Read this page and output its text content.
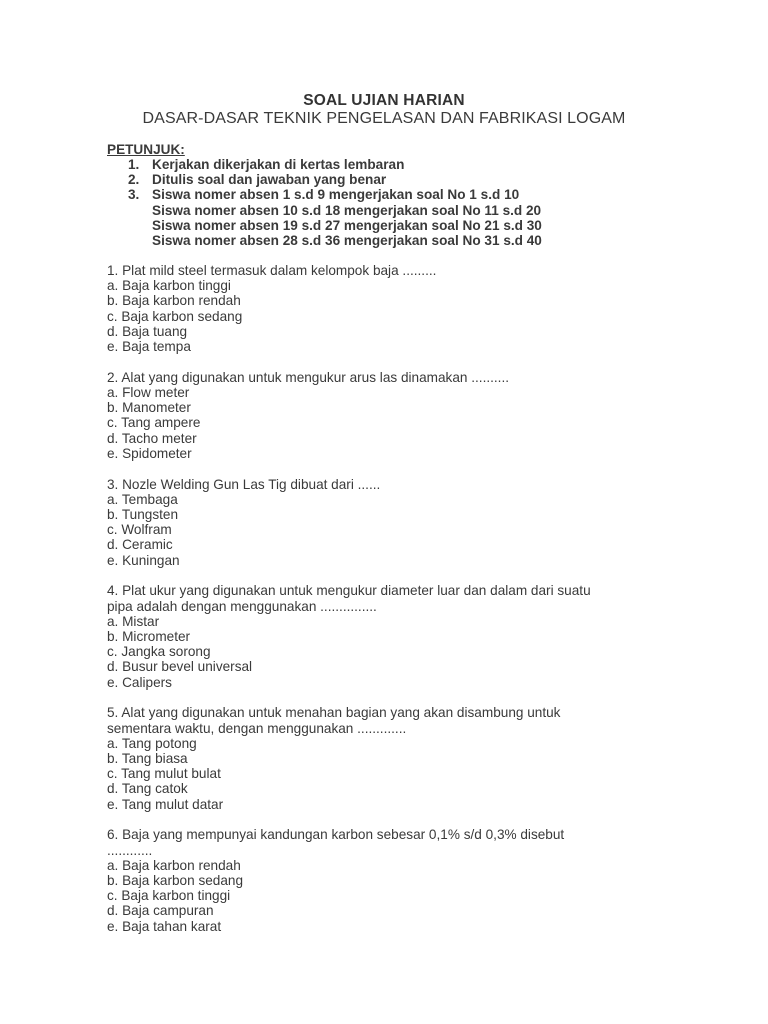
SOAL UJIAN HARIAN
DASAR-DASAR TEKNIK PENGELASAN DAN FABRIKASI LOGAM
PETUNJUK:
1. Kerjakan dikerjakan di kertas lembaran
2. Ditulis soal dan jawaban yang benar
3. Siswa nomer absen 1 s.d 9 mengerjakan soal No 1 s.d 10
Siswa nomer absen 10 s.d 18 mengerjakan soal No 11 s.d 20
Siswa nomer absen 19 s.d 27 mengerjakan soal No 21 s.d 30
Siswa nomer absen 28 s.d 36 mengerjakan soal No 31 s.d 40
1. Plat mild steel termasuk dalam kelompok baja .........
a. Baja karbon tinggi
b. Baja karbon rendah
c. Baja karbon sedang
d. Baja tuang
e. Baja tempa
2. Alat yang digunakan untuk mengukur arus las dinamakan ..........
a. Flow meter
b. Manometer
c. Tang ampere
d. Tacho meter
e. Spidometer
3. Nozle Welding Gun Las Tig dibuat dari ......
a. Tembaga
b. Tungsten
c. Wolfram
d. Ceramic
e. Kuningan
4. Plat ukur yang digunakan untuk mengukur diameter luar dan dalam dari suatu
pipa adalah dengan menggunakan ...............
a. Mistar
b. Micrometer
c. Jangka sorong
d. Busur bevel universal
e. Calipers
5. Alat yang digunakan untuk menahan bagian yang akan disambung untuk
sementara waktu, dengan menggunakan .............
a. Tang potong
b. Tang biasa
c. Tang mulut bulat
d. Tang catok
e. Tang mulut datar
6. Baja yang mempunyai kandungan karbon sebesar 0,1% s/d 0,3% disebut
............
a. Baja karbon rendah
b. Baja karbon sedang
c. Baja karbon tinggi
d. Baja campuran
e. Baja tahan karat
